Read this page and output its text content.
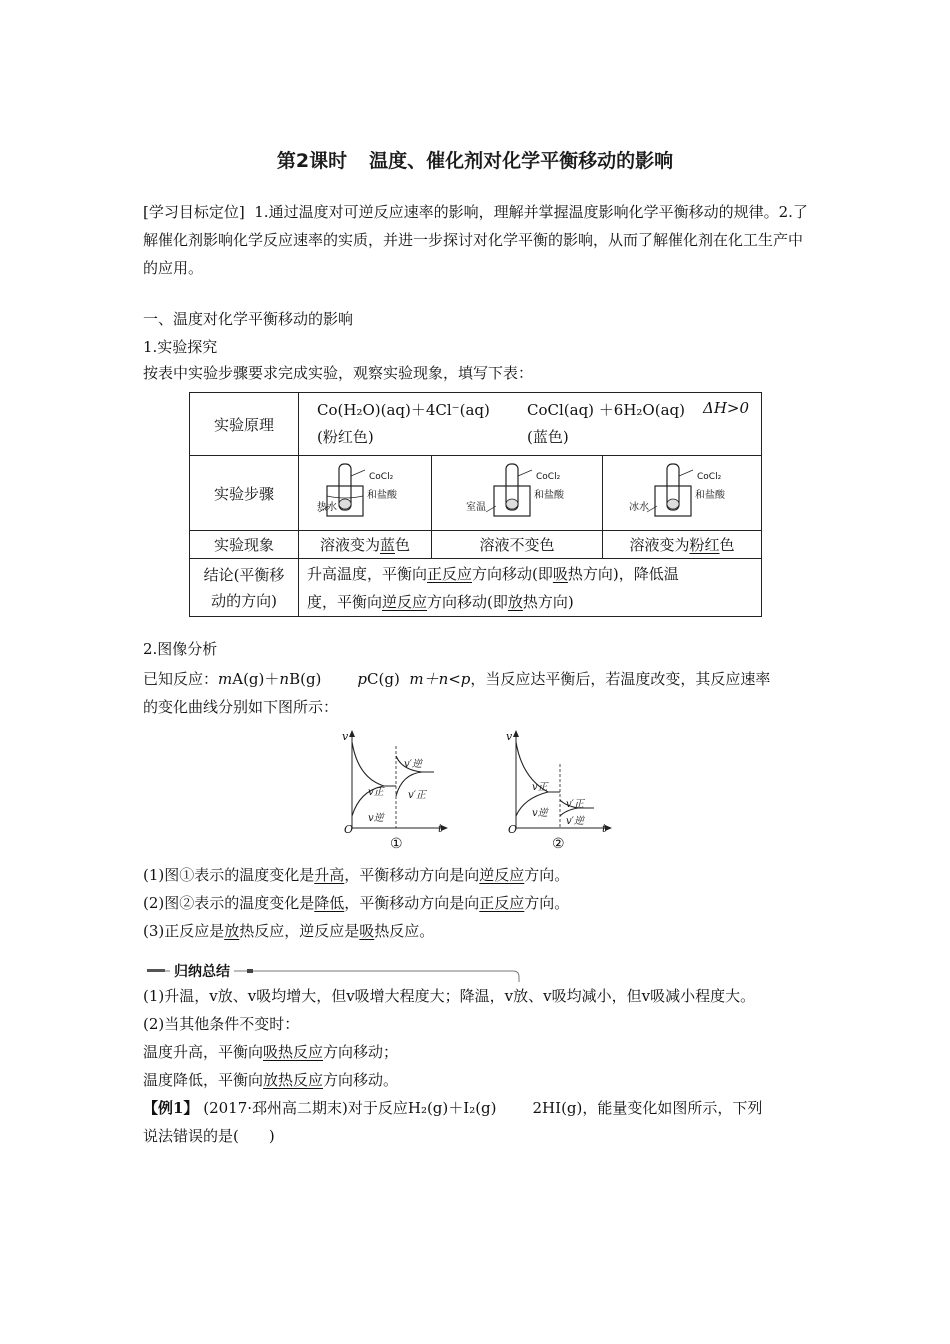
第2课时 温度、催化剂对化学平衡移动的影响
[学习目标定位] 1.通过温度对可逆反应速率的影响，理解并掌握温度影响化学平衡移动的规律。2.了解催化剂影响化学反应速率的实质，并进一步探讨对化学平衡的影响，从而了解催化剂在化工生产中的应用。
一、温度对化学平衡移动的影响
1.实验探究
按表中实验步骤要求完成实验，观察实验现象，填写下表：
实验原理	Co(H₂O)(aq)＋4Cl⁻(aq) CoCl(aq) ＋6H₂O(aq) ΔH>0
(粉红色) (蓝色)		

实验步骤	热水
CoCl₂
和盐酸	室温
CoCl₂
和盐酸	冰水
CoCl₂
和盐酸

实验现象	溶液变为蓝色	溶液不变色	溶液变为粉红色
结论(平衡移
动的方向)	升高温度，平衡向正反应方向移动(即吸热方向)，降低温
度，平衡向逆反应方向移动(即放热方向)		
2.图像分析
已知反应：mA(g)＋nB(g) pC(g) m＋n<p，当反应达平衡后，若温度改变，其反应速率
的变化曲线分别如下图所示：
v
t
O
v正
v逆
v′逆
v′正
①
v
t
O
v正
v逆
v′正
v′逆
②
(1)图①表示的温度变化是升高，平衡移动方向是向逆反应方向。
(2)图②表示的温度变化是降低，平衡移动方向是向正反应方向。
(3)正反应是放热反应，逆反应是吸热反应。
归纳总结
(1)升温，v放、v吸均增大，但v吸增大程度大；降温，v放、v吸均减小，但v吸减小程度大。
(2)当其他条件不变时：
温度升高，平衡向吸热反应方向移动；
温度降低，平衡向放热反应方向移动。
【例1】 (2017·邳州高二期末)对于反应H₂(g)＋I₂(g) 2HI(g)，能量变化如图所示，下列
说法错误的是(　　)
